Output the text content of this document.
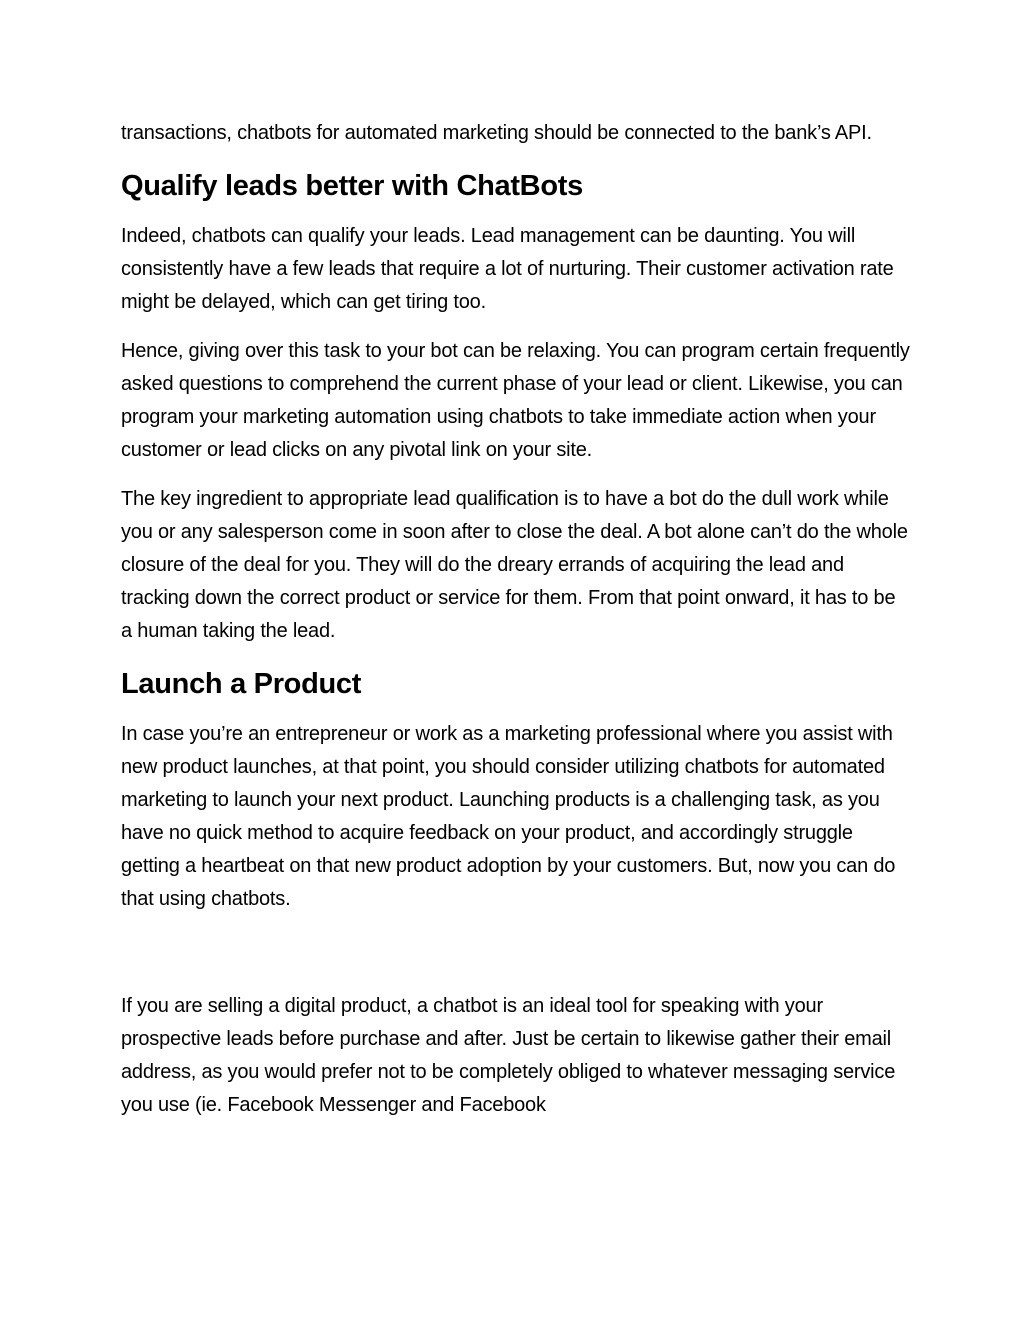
transactions, chatbots for automated marketing should be connected to the bank’s API.

Qualify leads better with ChatBots

Indeed, chatbots can qualify your leads. Lead management can be daunting. You will consistently have a few leads that require a lot of nurturing. Their customer activation rate might be delayed, which can get tiring too.

Hence, giving over this task to your bot can be relaxing. You can program certain frequently asked questions to comprehend the current phase of your lead or client. Likewise, you can program your marketing automation using chatbots to take immediate action when your customer or lead clicks on any pivotal link on your site.

The key ingredient to appropriate lead qualification is to have a bot do the dull work while you or any salesperson come in soon after to close the deal. A bot alone can’t do the whole closure of the deal for you. They will do the dreary errands of acquiring the lead and tracking down the correct product or service for them. From that point onward, it has to be a human taking the lead.

Launch a Product

In case you’re an entrepreneur or work as a marketing professional where you assist with new product launches, at that point, you should consider utilizing chatbots for automated marketing to launch your next product. Launching products is a challenging task, as you have no quick method to acquire feedback on your product, and accordingly struggle getting a heartbeat on that new product adoption by your customers. But, now you can do that using chatbots.

If you are selling a digital product, a chatbot is an ideal tool for speaking with your prospective leads before purchase and after. Just be certain to likewise gather their email address, as you would prefer not to be completely obliged to whatever messaging service you use (ie. Facebook Messenger and Facebook
